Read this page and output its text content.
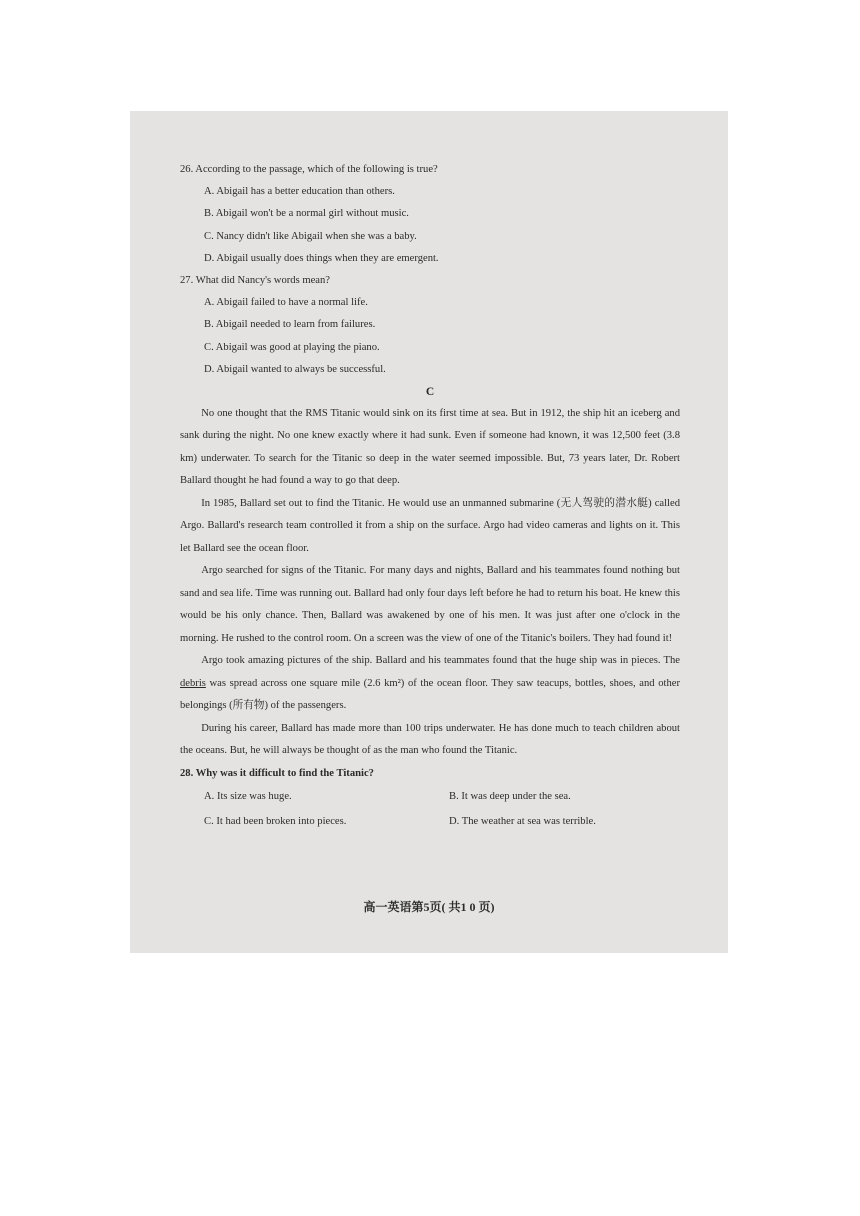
26. According to the passage, which of the following is true?
A. Abigail has a better education than others.
B. Abigail won't be a normal girl without music.
C. Nancy didn't like Abigail when she was a baby.
D. Abigail usually does things when they are emergent.
27. What did Nancy's words mean?
A. Abigail failed to have a normal life.
B. Abigail needed to learn from failures.
C. Abigail was good at playing the piano.
D. Abigail wanted to always be successful.
C

No one thought that the RMS Titanic would sink on its first time at sea. But in 1912, the ship hit an iceberg and sank during the night. No one knew exactly where it had sunk. Even if someone had known, it was 12,500 feet (3.8 km) underwater. To search for the Titanic so deep in the water seemed impossible. But, 73 years later, Dr. Robert Ballard thought he had found a way to go that deep.

In 1985, Ballard set out to find the Titanic. He would use an unmanned submarine (无人驾驶的潜水艇) called Argo. Ballard's research team controlled it from a ship on the surface. Argo had video cameras and lights on it. This let Ballard see the ocean floor.

Argo searched for signs of the Titanic. For many days and nights, Ballard and his teammates found nothing but sand and sea life. Time was running out. Ballard had only four days left before he had to return his boat. He knew this would be his only chance. Then, Ballard was awakened by one of his men. It was just after one o'clock in the morning. He rushed to the control room. On a screen was the view of one of the Titanic's boilers. They had found it!

Argo took amazing pictures of the ship. Ballard and his teammates found that the huge ship was in pieces. The debris was spread across one square mile (2.6 km²) of the ocean floor. They saw teacups, bottles, shoes, and other belongings (所有物) of the passengers.

During his career, Ballard has made more than 100 trips underwater. He has done much to teach children about the oceans. But, he will always be thought of as the man who found the Titanic.

28. Why was it difficult to find the Titanic?
A. Its size was huge.	B. It was deep under the sea.
C. It had been broken into pieces.	D. The weather at sea was terrible.
高一英语第5页( 共1 0 页)
